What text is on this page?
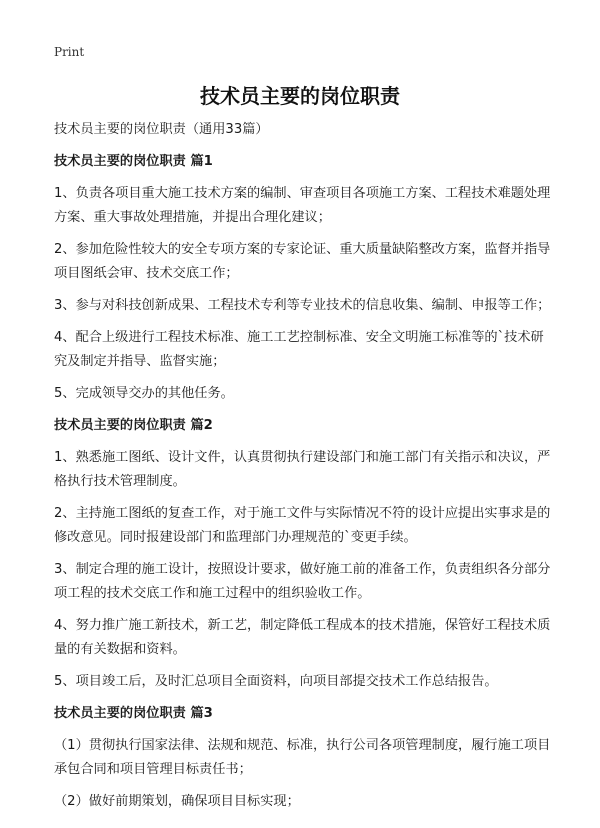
Print
技术员主要的岗位职责

技术员主要的岗位职责（通用33篇）

技术员主要的岗位职责 篇1

1、负责各项目重大施工技术方案的编制、审查项目各项施工方案、工程技术难题处理方案、重大事故处理措施，并提出合理化建议；

2、参加危险性较大的安全专项方案的专家论证、重大质量缺陷整改方案，监督并指导项目图纸会审、技术交底工作；

3、参与对科技创新成果、工程技术专利等专业技术的信息收集、编制、申报等工作；

4、配合上级进行工程技术标准、施工工艺控制标准、安全文明施工标准等的`技术研究及制定并指导、监督实施；

5、完成领导交办的其他任务。

技术员主要的岗位职责 篇2

1、熟悉施工图纸、设计文件，认真贯彻执行建设部门和施工部门有关指示和决议，严格执行技术管理制度。

2、主持施工图纸的复查工作，对于施工文件与实际情况不符的设计应提出实事求是的修改意见。同时报建设部门和监理部门办理规范的`变更手续。

3、制定合理的施工设计，按照设计要求，做好施工前的准备工作，负责组织各分部分项工程的技术交底工作和施工过程中的组织验收工作。

4、努力推广施工新技术，新工艺，制定降低工程成本的技术措施，保管好工程技术质量的有关数据和资料。

5、项目竣工后，及时汇总项目全面资料，向项目部提交技术工作总结报告。

技术员主要的岗位职责 篇3

（1）贯彻执行国家法律、法规和规范、标准，执行公司各项管理制度，履行施工项目承包合同和项目管理目标责任书；

（2）做好前期策划，确保项目目标实现；
